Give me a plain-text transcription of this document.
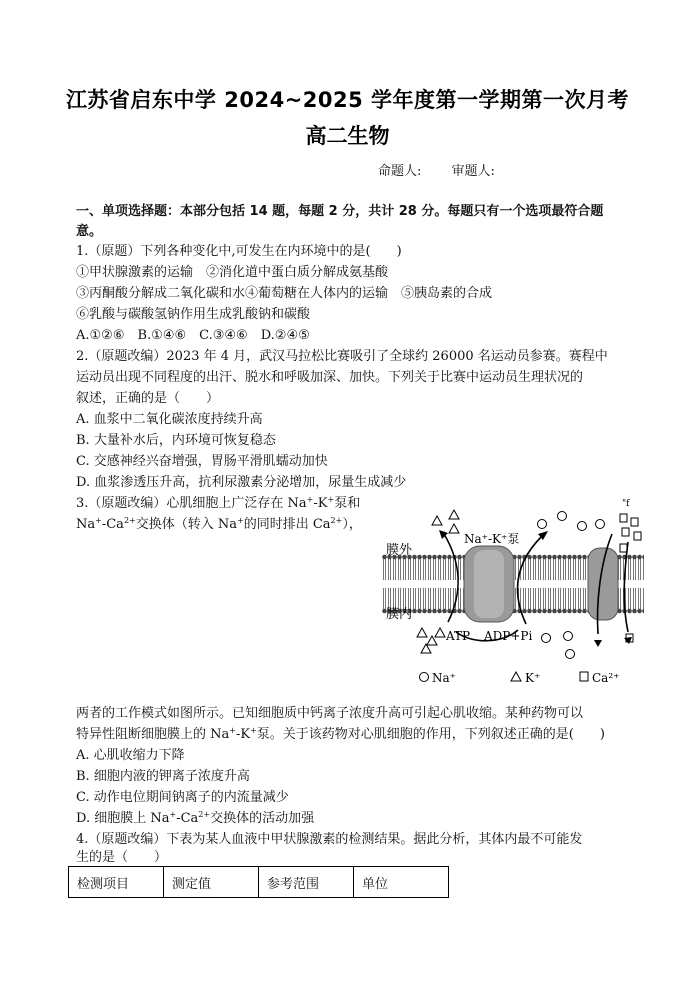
江苏省启东中学 2024~2025 学年度第一学期第一次月考
高二生物
命题人: 审题人:
一、单项选择题：本部分包括 14 题，每题 2 分，共计 28 分。每题只有一个选项最符合题
意。
1.（原题）下列各种变化中,可发生在内环境中的是(　　)
①甲状腺激素的运输　②消化道中蛋白质分解成氨基酸
③丙酮酸分解成二氧化碳和水④葡萄糖在人体内的运输　⑤胰岛素的合成
⑥乳酸与碳酸氢钠作用生成乳酸钠和碳酸
A.①②⑥　B.①④⑥　C.③④⑥　D.②④⑤
2.（原题改编）2023 年 4 月，武汉马拉松比赛吸引了全球约 26000 名运动员参赛。赛程中
运动员出现不同程度的出汗、脱水和呼吸加深、加快。下列关于比赛中运动员生理状况的
叙述，正确的是（　　）
A. 血浆中二氧化碳浓度持续升高
B. 大量补水后，内环境可恢复稳态
C. 交感神经兴奋增强，胃肠平滑肌蠕动加快
D. 血浆渗透压升高，抗利尿激素分泌增加，尿量生成减少
3.（原题改编）心肌细胞上广泛存在 Na+-K+泵和
$Na^+-Ca^{2+}$交换体（转入 Na+的同时排出 $Ca^{2+}$），
膜外
膜内
Na⁺-K⁺泵
ATP ADP+Pi
"f
Na⁺	K⁺	Ca²⁺
两者的工作模式如图所示。已知细胞质中钙离子浓度升高可引起心肌收缩。某种药物可以
特异性阻断细胞膜上的 Na+-K+泵。关于该药物对心肌细胞的作用，下列叙述正确的是(　　)
A. 心肌收缩力下降
B. 细胞内液的钾离子浓度升高
C. 动作电位期间钠离子的内流量减少
D. 细胞膜上 $Na^+-Ca^{2+}$交换体的活动加强
4.（原题改编）下表为某人血液中甲状腺激素的检测结果。据此分析，其体内最不可能发
生的是（　　）
检测项目	测定值	参考范围	单位
